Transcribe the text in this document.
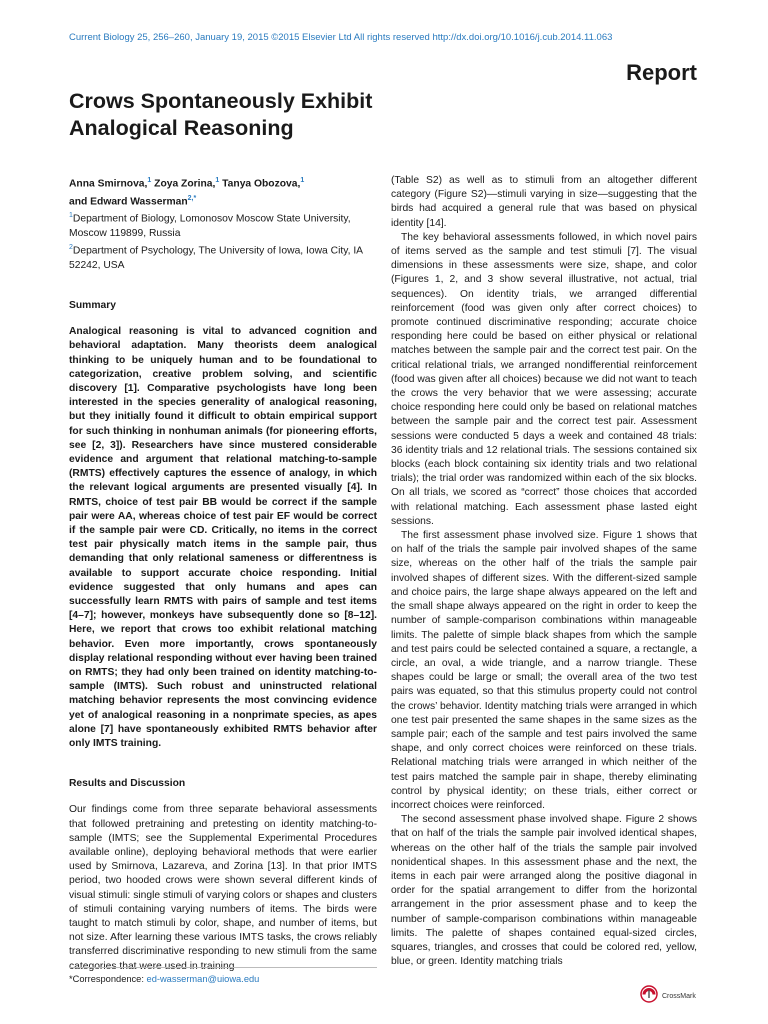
Current Biology 25, 256–260, January 19, 2015 ©2015 Elsevier Ltd All rights reserved http://dx.doi.org/10.1016/j.cub.2014.11.063
Report
Crows Spontaneously Exhibit Analogical Reasoning
Anna Smirnova,$^1$ Zoya Zorina,$^1$ Tanya Obozova,$^1$
and Edward Wasserman$^{2,*}$
$^1$Department of Biology, Lomonosov Moscow State University, Moscow 119899, Russia
$^2$Department of Psychology, The University of Iowa, Iowa City, IA 52242, USA
Summary

Analogical reasoning is vital to advanced cognition and behavioral adaptation. Many theorists deem analogical thinking to be uniquely human and to be foundational to categorization, creative problem solving, and scientific discovery [1]. Comparative psychologists have long been interested in the species generality of analogical reasoning, but they initially found it difficult to obtain empirical support for such thinking in nonhuman animals (for pioneering efforts, see [2, 3]). Researchers have since mustered considerable evidence and argument that relational matching-to-sample (RMTS) effectively captures the essence of analogy, in which the relevant logical arguments are presented visually [4]. In RMTS, choice of test pair BB would be correct if the sample pair were AA, whereas choice of test pair EF would be correct if the sample pair were CD. Critically, no items in the correct test pair physically match items in the sample pair, thus demanding that only relational sameness or differentness is available to support accurate choice responding. Initial evidence suggested that only humans and apes can successfully learn RMTS with pairs of sample and test items [4–7]; however, monkeys have subsequently done so [8–12]. Here, we report that crows too exhibit relational matching behavior. Even more importantly, crows spontaneously display relational responding without ever having been trained on RMTS; they had only been trained on identity matching-to-sample (IMTS). Such robust and uninstructed relational matching behavior represents the most convincing evidence yet of analogical reasoning in a nonprimate species, as apes alone [7] have spontaneously exhibited RMTS behavior after only IMTS training.

Results and Discussion

Our findings come from three separate behavioral assessments that followed pretraining and pretesting on identity matching-to-sample (IMTS; see the Supplemental Experimental Procedures available online), deploying behavioral methods that were earlier used by Smirnova, Lazareva, and Zorina [13]. In that prior IMTS period, two hooded crows were shown several different kinds of visual stimuli: single stimuli of varying colors or shapes and clusters of stimuli containing varying numbers of items. The birds were taught to match stimuli by color, shape, and number of items, but not size. After learning these various IMTS tasks, the crows reliably transferred discriminative responding to new stimuli from the same categories that were used in training

(Table S2) as well as to stimuli from an altogether different category (Figure S2)—stimuli varying in size—suggesting that the birds had acquired a general rule that was based on physical identity [14].

The key behavioral assessments followed, in which novel pairs of items served as the sample and test stimuli [7]. The visual dimensions in these assessments were size, shape, and color (Figures 1, 2, and 3 show several illustrative, not actual, trial sequences). On identity trials, we arranged differential reinforcement (food was given only after correct choices) to promote continued discriminative responding; accurate choice responding here could be based on either physical or relational matches between the sample pair and the correct test pair. On the critical relational trials, we arranged nondifferential reinforcement (food was given after all choices) because we did not want to teach the crows the very behavior that we were assessing; accurate choice responding here could only be based on relational matches between the sample pair and the correct test pair. Assessment sessions were conducted 5 days a week and contained 48 trials: 36 identity trials and 12 relational trials. The sessions contained six blocks (each block containing six identity trials and two relational trials); the trial order was randomized within each of the six blocks. On all trials, we scored as “correct” those choices that accorded with relational matching. Each assessment phase lasted eight sessions.

The first assessment phase involved size. Figure 1 shows that on half of the trials the sample pair involved shapes of the same size, whereas on the other half of the trials the sample pair involved shapes of different sizes. With the different-sized sample and choice pairs, the large shape always appeared on the left and the small shape always appeared on the right in order to keep the number of sample-comparison combinations within manageable limits. The palette of simple black shapes from which the sample and test pairs could be selected contained a square, a rectangle, a circle, an oval, a wide triangle, and a narrow triangle. These shapes could be large or small; the overall area of the two test pairs was equated, so that this stimulus property could not control the crows’ behavior. Identity matching trials were arranged in which one test pair presented the same shapes in the same sizes as the sample pair; each of the sample and test pairs involved the same shape, and only correct choices were reinforced on these trials. Relational matching trials were arranged in which neither of the test pairs matched the sample pair in shape, thereby eliminating control by physical identity; on these trials, either correct or incorrect choices were reinforced.

The second assessment phase involved shape. Figure 2 shows that on half of the trials the sample pair involved identical shapes, whereas on the other half of the trials the sample pair involved nonidentical shapes. In this assessment phase and the next, the items in each pair were arranged along the positive diagonal in order for the spatial arrangement to differ from the horizontal arrangement in the prior assessment phase and to keep the number of sample-comparison combinations within manageable limits. The palette of shapes contained equal-sized circles, squares, triangles, and crosses that could be colored red, yellow, blue, or green. Identity matching trials

*Correspondence: ed-wasserman@uiowa.edu
CrossMark
